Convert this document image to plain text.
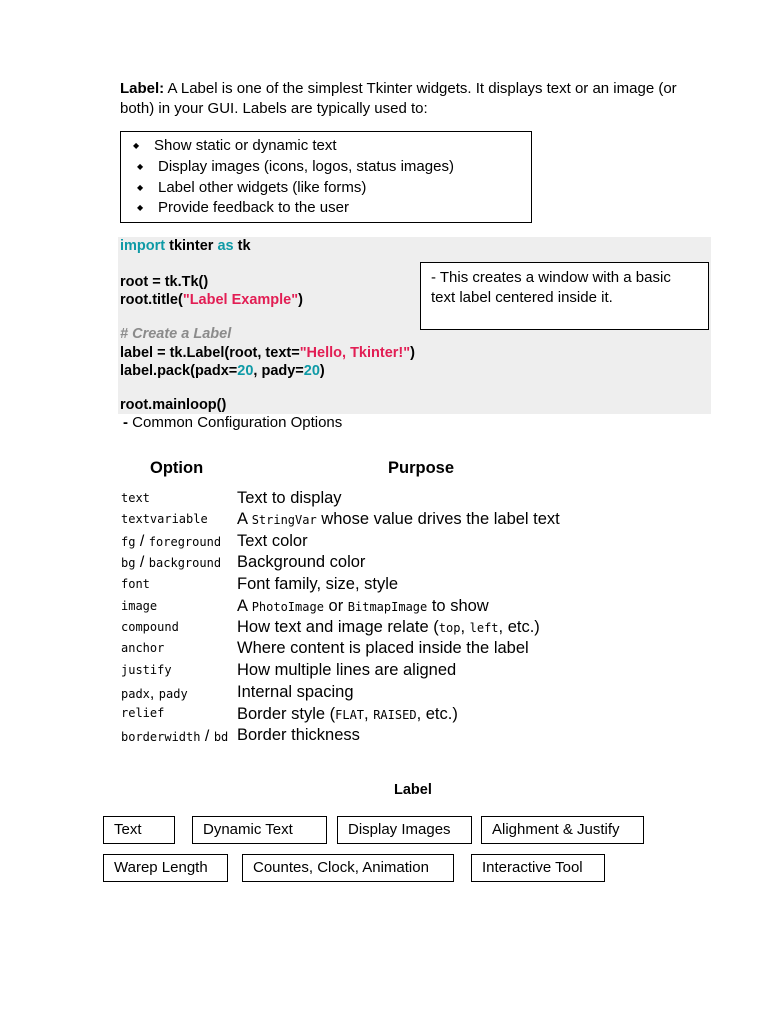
Label: A Label is one of the simplest Tkinter widgets. It displays text or an image (or both) in your GUI. Labels are typically used to:
◆ Show static or dynamic text
◆ Display images (icons, logos, status images)
◆ Label other widgets (like forms)
◆ Provide feedback to the user
import tkinter as tk
root = tk.Tk()
root.title("Label Example")
# Create a Label
label = tk.Label(root, text="Hello, Tkinter!")
label.pack(padx=20, pady=20)
root.mainloop()
- This creates a window with a basic text label centered inside it.
- Common Configuration Options
Option	Purpose
text	Text to display
textvariable A StringVar whose value drives the label text
fg / foreground Text color
bg / background Background color
font	Font family, size, style
image	A PhotoImage or BitmapImage to show
compound	How text and image relate (top, left, etc.)
anchor	Where content is placed inside the label
justify	How multiple lines are aligned
padx, pady	Internal spacing
relief	Border style (FLAT, RAISED, etc.)
borderwidth / bd Border thickness
Label
Text	Dynamic Text	Display Images	Alighment & Justify
Warep Length	Countes, Clock, Animation	Interactive Tool
